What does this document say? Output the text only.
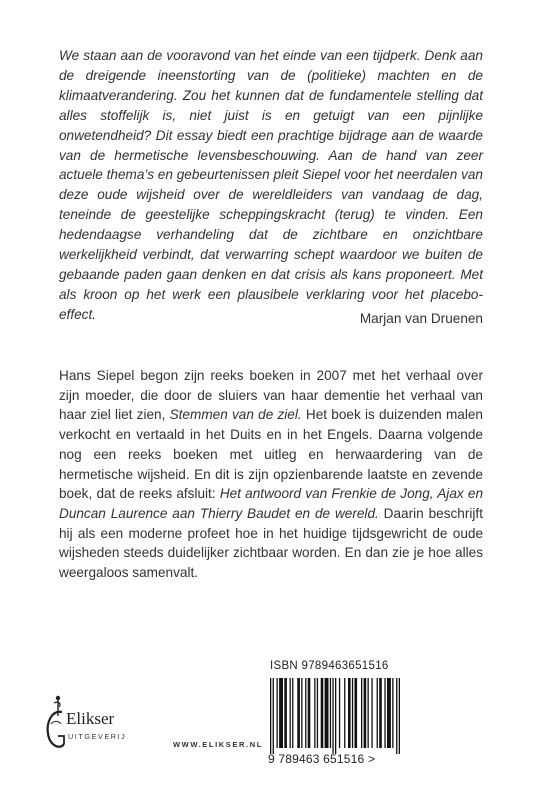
We staan aan de vooravond van het einde van een tijdperk. Denk aan de dreigende ineenstorting van de (politieke) machten en de klimaatverandering. Zou het kunnen dat de fundamentele stelling dat alles stoffelijk is, niet juist is en getuigt van een pijnlijke onwetendheid? Dit essay biedt een prachtige bijdrage aan de waarde van de hermetische levensbeschouwing. Aan de hand van zeer actuele thema’s en gebeurtenissen pleit Siepel voor het neerdalen van deze oude wijsheid over de wereldleiders van vandaag de dag, teneinde de geestelijke scheppingskracht (terug) te vinden. Een hedendaagse verhandeling dat de zichtbare en onzichtbare werkelijkheid verbindt, dat verwarring schept waardoor we buiten de gebaande paden gaan denken en dat crisis als kans proponeert. Met als kroon op het werk een plausibele verklaring voor het placebo-effect.	Marjan van Druenen

Hans Siepel begon zijn reeks boeken in 2007 met het verhaal over zijn moeder, die door de sluiers van haar dementie het verhaal van haar ziel liet zien, Stemmen van de ziel. Het boek is duizenden malen verkocht en vertaald in het Duits en in het Engels. Daarna volgende nog een reeks boeken met uitleg en herwaardering van de hermetische wijsheid. En dit is zijn opzienbarende laatste en zevende boek, dat de reeks afsluit: Het antwoord van Frenkie de Jong, Ajax en Duncan Laurence aan Thierry Baudet en de wereld. Daarin beschrijft hij als een moderne profeet hoe in het huidige tijdsgewricht de oude wijsheden steeds duidelijker zichtbaar worden. En dan zie je hoe alles weergaloos samenvalt.

Elikser
UITGEVERIJ
WWW.ELIKSER.NL
ISBN 9789463651516
9 789463 651516 >
